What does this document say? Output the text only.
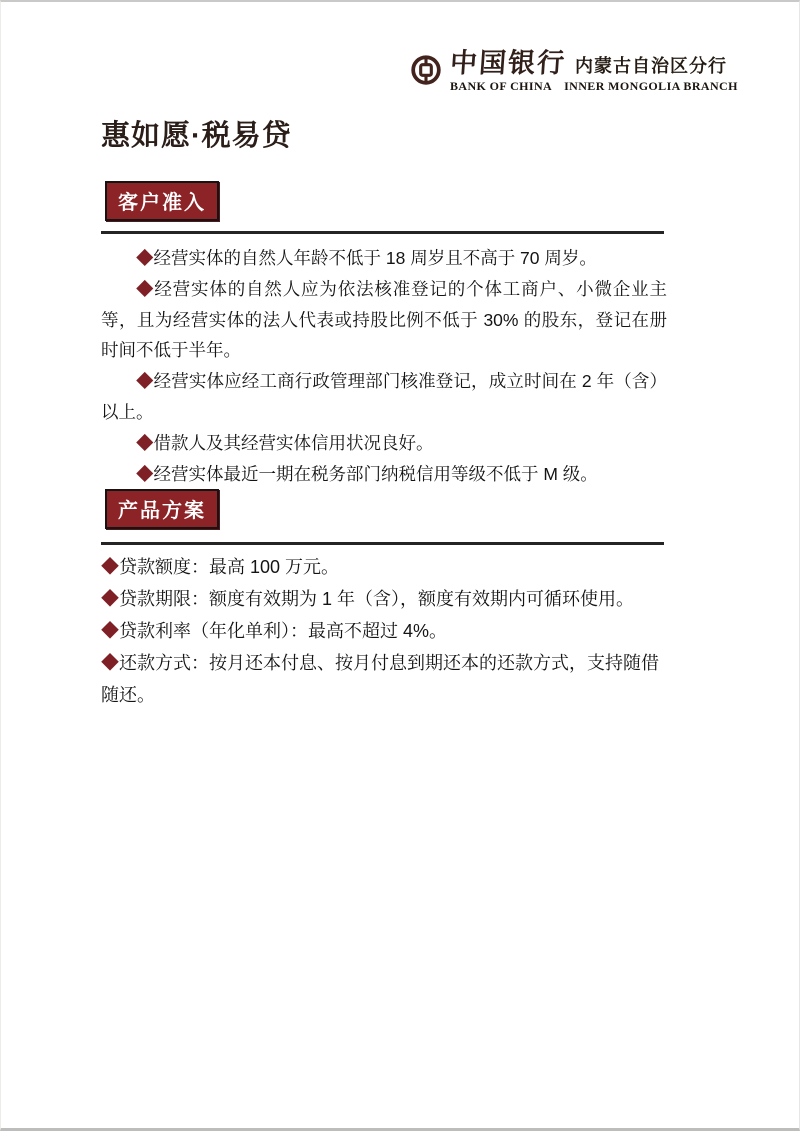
中国银行 内蒙古自治区分行
BANK OF CHINA INNER MONGOLIA BRANCH
惠如愿·税易贷
客户准入

◆经营实体的自然人年龄不低于 18 周岁且不高于 70 周岁。

◆经营实体的自然人应为依法核准登记的个体工商户、小微企业主等，且为经营实体的法人代表或持股比例不低于 30% 的股东，登记在册时间不低于半年。

◆经营实体应经工商行政管理部门核准登记，成立时间在 2 年（含）以上。

◆借款人及其经营实体信用状况良好。

◆经营实体最近一期在税务部门纳税信用等级不低于 M 级。

产品方案

◆贷款额度：最高 100 万元。

◆贷款期限：额度有效期为 1 年（含），额度有效期内可循环使用。

◆贷款利率（年化单利）：最高不超过 4%。

◆还款方式：按月还本付息、按月付息到期还本的还款方式，支持随借随还。
